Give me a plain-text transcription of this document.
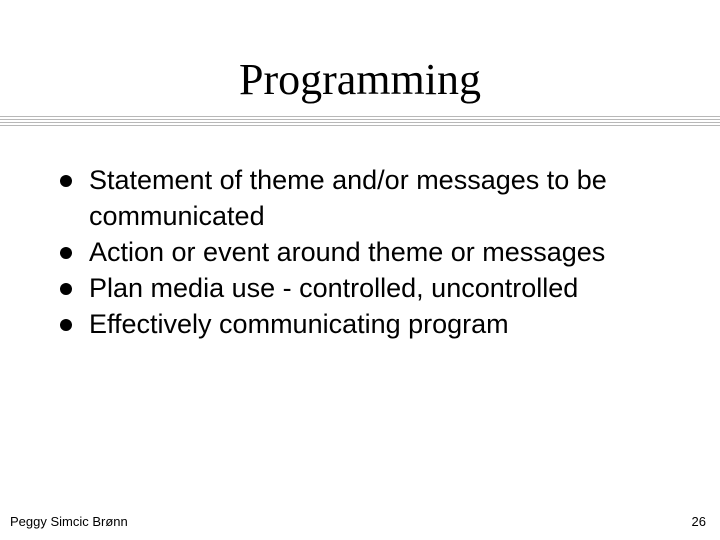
Programming
Statement of theme and/or messages to be communicated
Action or event around theme or messages
Plan media use - controlled, uncontrolled
Effectively communicating program
Peggy Simcic Brønn	26
